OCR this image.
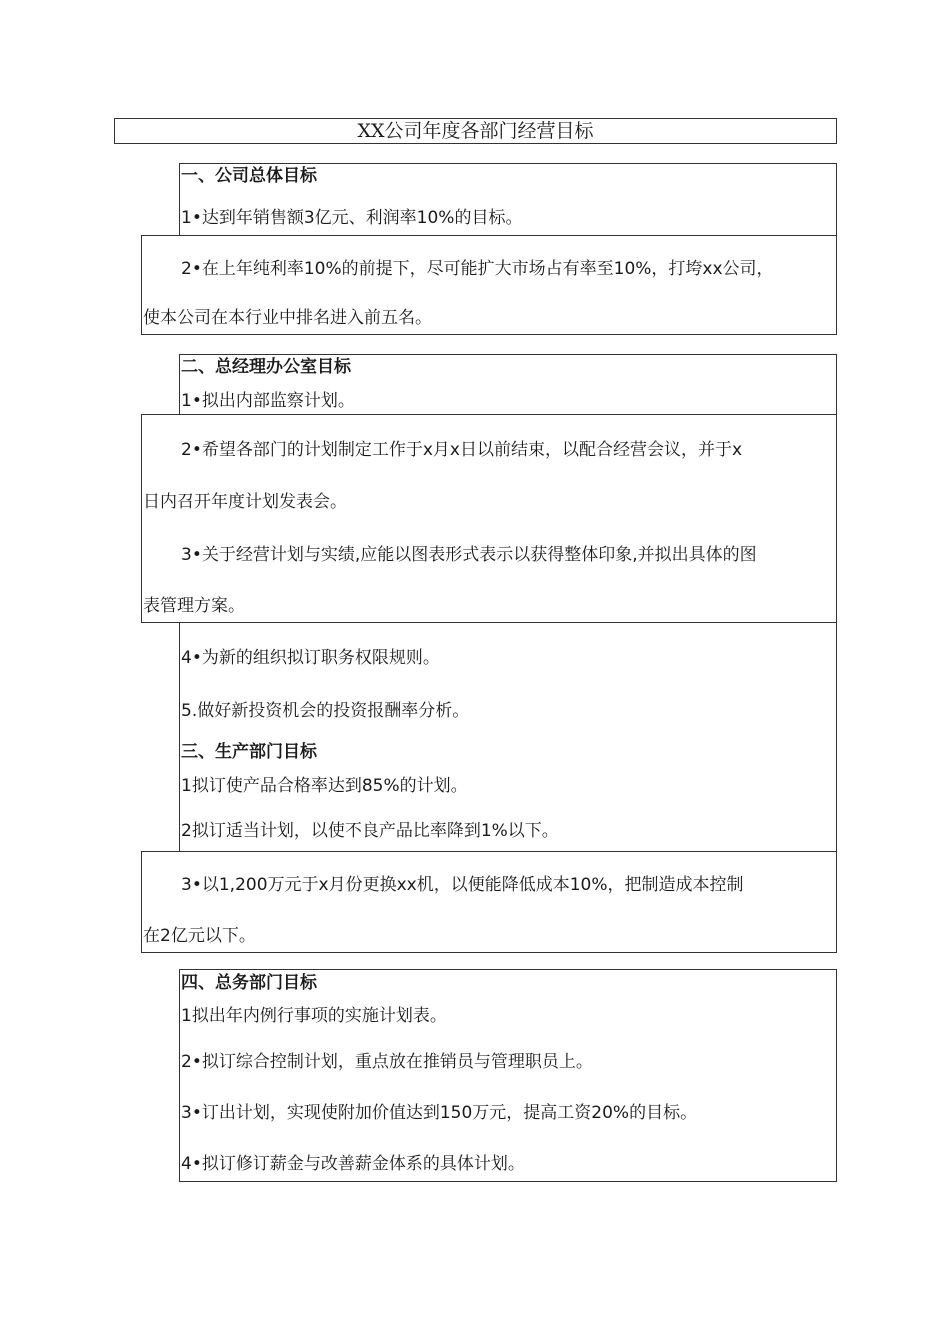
XX公司年度各部门经营目标
一、公司总体目标
1•达到年销售额3亿元、利润率10%的目标。
2•在上年纯利率10%的前提下，尽可能扩大市场占有率至10%，打垮xx公司，
使本公司在本行业中排名进入前五名。
二、总经理办公室目标
1•拟出内部监察计划。
2•希望各部门的计划制定工作于x月x日以前结束，以配合经营会议，并于x
日内召开年度计划发表会。
3•关于经营计划与实绩,应能以图表形式表示以获得整体印象,并拟出具体的图
表管理方案。
4•为新的组织拟订职务权限规则。
5.做好新投资机会的投资报酬率分析。
三、生产部门目标
1拟订使产品合格率达到85%的计划。
2拟订适当计划，以使不良产品比率降到1%以下。
3•以1,200万元于x月份更换xx机，以便能降低成本10%，把制造成本控制
在2亿元以下。
四、总务部门目标
1拟出年内例行事项的实施计划表。
2•拟订综合控制计划，重点放在推销员与管理职员上。
3•订出计划，实现使附加价值达到150万元，提高工资20%的目标。
4•拟订修订薪金与改善薪金体系的具体计划。
